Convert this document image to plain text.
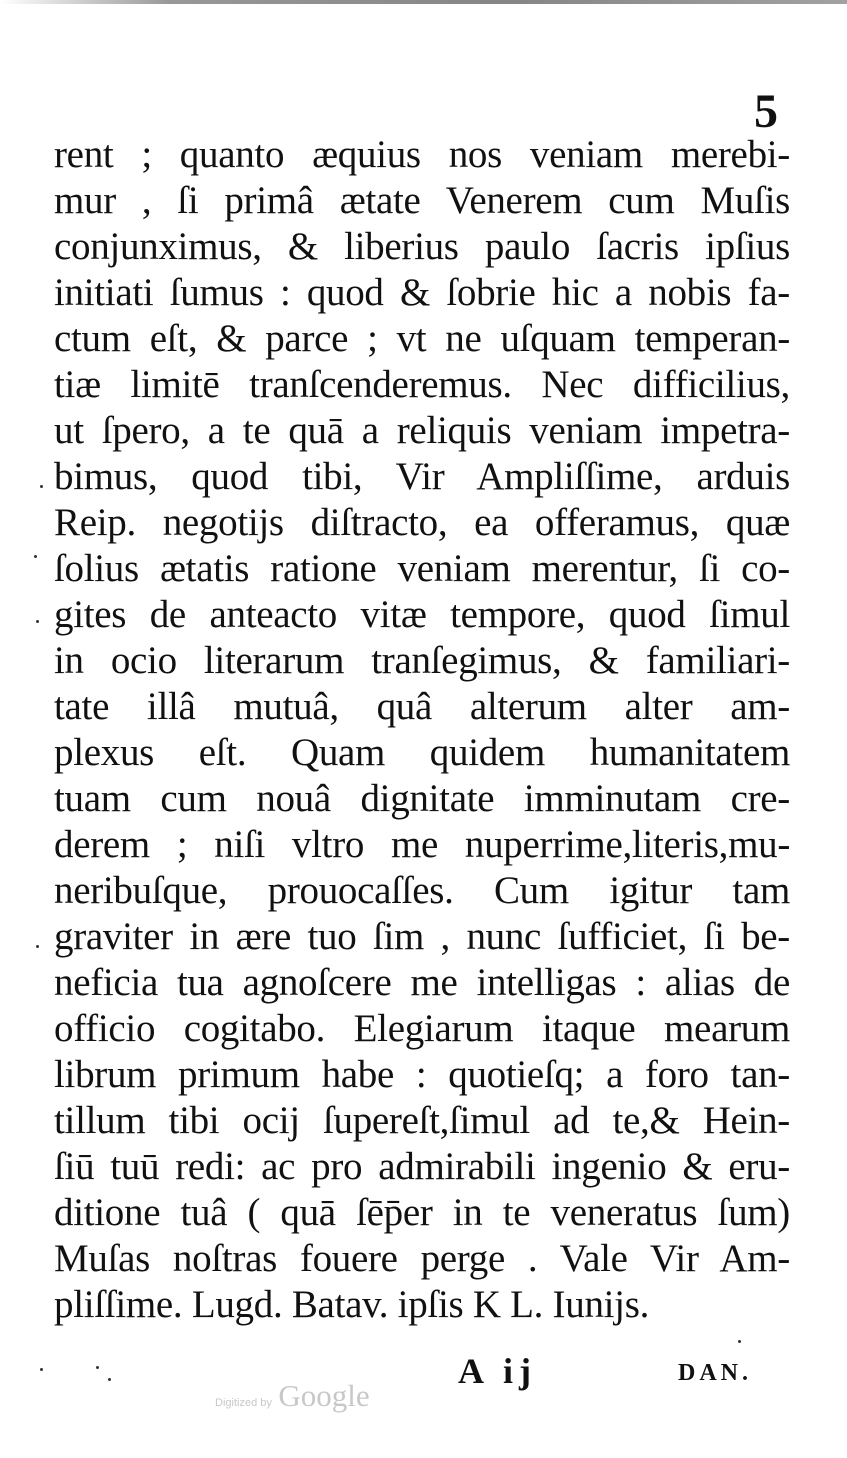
5
rent ; quanto æquius nos veniam merebi-
mur , ſi primâ ætate Venerem cum Muſis
conjunximus, & liberius paulo ſacris ipſius
initiati ſumus : quod & ſobrie hic a nobis fa-
ctum eſt, & parce ; vt ne uſquam temperan-
tiæ limitē tranſcenderemus. Nec difficilius,
ut ſpero, a te quā a reliquis veniam impetra-
bimus, quod tibi, Vir Ampliſſime, arduis
Reip. negotijs diſtracto, ea offeramus, quæ
ſolius ætatis ratione veniam merentur, ſi co-
gites de anteacto vitæ tempore, quod ſimul
in ocio literarum tranſegimus, & familiari-
tate illâ mutuâ, quâ alterum alter am-
plexus eſt. Quam quidem humanitatem
tuam cum nouâ dignitate imminutam cre-
derem ; niſi vltro me nuperrime,literis,mu-
neribuſque, prouocaſſes. Cum igitur tam
graviter in ære tuo ſim , nunc ſufficiet, ſi be-
neficia tua agnoſcere me intelligas : alias de
officio cogitabo. Elegiarum itaque mearum
librum primum habe : quotieſq; a foro tan-
tillum tibi ocij ſupereſt,ſimul ad te,& Hein-
ſiū tuū redi: ac pro admirabili ingenio & eru-
ditione tuâ ( quā ſēp̄er in te veneratus ſum)
Muſas noſtras fouere perge . Vale Vir Am-
pliſſime. Lugd. Batav. ipſis K L. Iunijs.
A ij	DAN.
Digitized by Google
